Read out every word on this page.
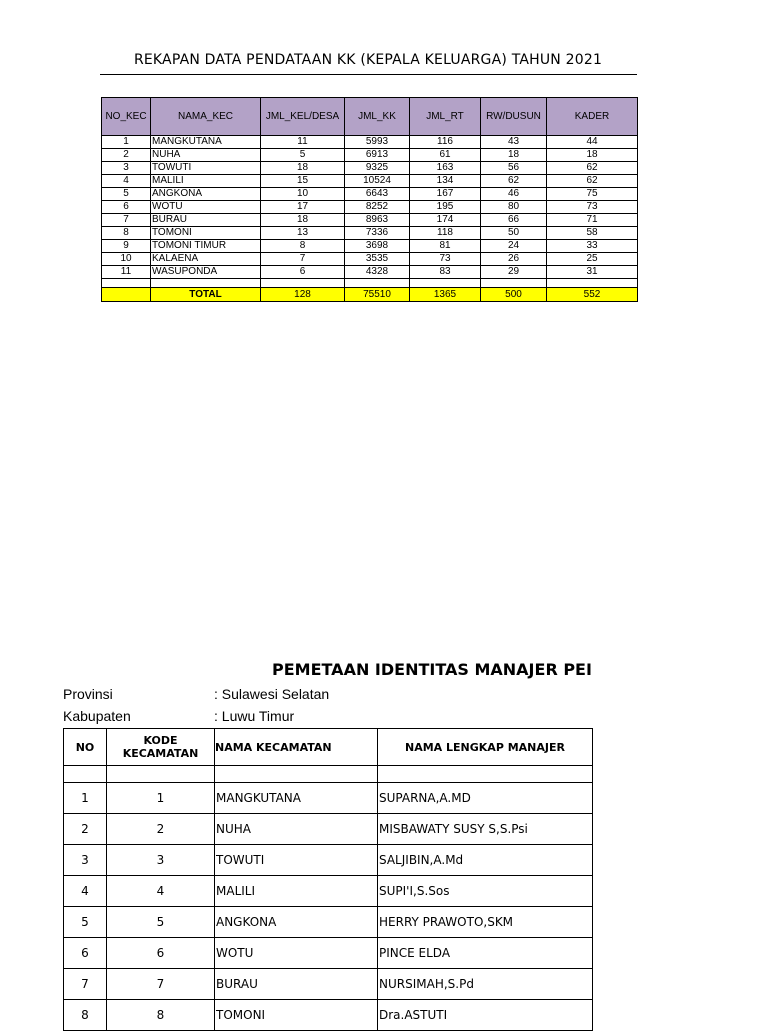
REKAPAN DATA PENDATAAN KK (KEPALA KELUARGA) TAHUN 2021
NO_KEC	NAMA_KEC	JML_KEL/DESA	JML_KK	JML_RT	RW/DUSUN	KADER
1	MANGKUTANA	11	5993	116	43	44
2	NUHA	5	6913	61	18	18
3	TOWUTI	18	9325	163	56	62
4	MALILI	15	10524	134	62	62
5	ANGKONA	10	6643	167	46	75
6	WOTU	17	8252	195	80	73
7	BURAU	18	8963	174	66	71
8	TOMONI	13	7336	118	50	58
9	TOMONI TIMUR	8	3698	81	24	33
10	KALAENA	7	3535	73	26	25
11	WASUPONDA	6	4328	83	29	31

	TOTAL	128	75510	1365	500	552
PEMETAAN IDENTITAS MANAJER PEI
Provinsi	: Sulawesi Selatan
Kabupaten	: Luwu Timur
NO	KODE KECAMATAN	NAMA KECAMATAN	NAMA LENGKAP MANAJER

1	1	MANGKUTANA	SUPARNA,A.MD
2	2	NUHA	MISBAWATY SUSY S,S.Psi
3	3	TOWUTI	SALJIBIN,A.Md
4	4	MALILI	SUPI'I,S.Sos
5	5	ANGKONA	HERRY PRAWOTO,SKM
6	6	WOTU	PINCE ELDA
7	7	BURAU	NURSIMAH,S.Pd
8	8	TOMONI	Dra.ASTUTI
